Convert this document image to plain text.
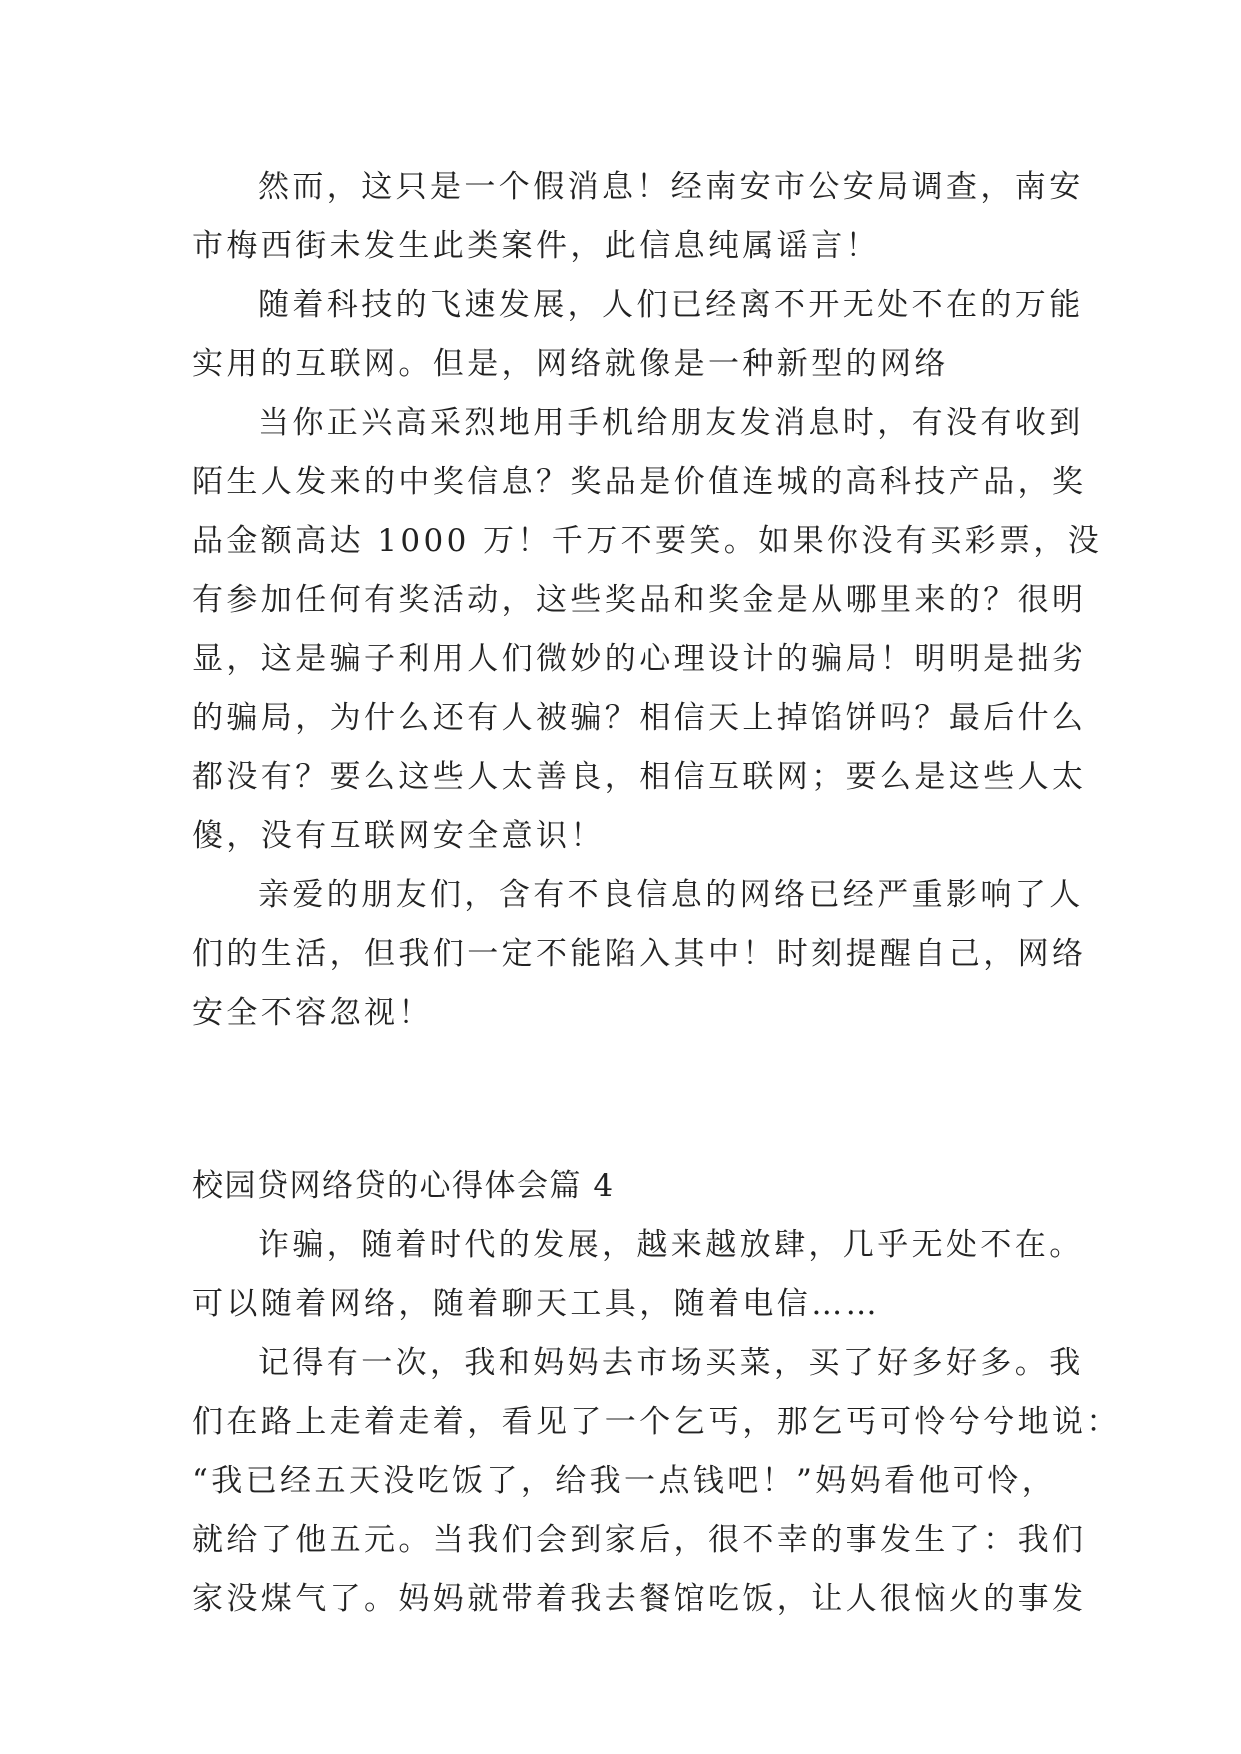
然而，这只是一个假消息！经南安市公安局调查，南安
市梅西街未发生此类案件，此信息纯属谣言！
随着科技的飞速发展，人们已经离不开无处不在的万能
实用的互联网。但是，网络就像是一种新型的网络
当你正兴高采烈地用手机给朋友发消息时，有没有收到
陌生人发来的中奖信息？奖品是价值连城的高科技产品，奖
品金额高达 1000 万！千万不要笑。如果你没有买彩票，没
有参加任何有奖活动，这些奖品和奖金是从哪里来的？很明
显，这是骗子利用人们微妙的心理设计的骗局！明明是拙劣
的骗局，为什么还有人被骗？相信天上掉馅饼吗？最后什么
都没有？要么这些人太善良，相信互联网；要么是这些人太
傻，没有互联网安全意识！
亲爱的朋友们，含有不良信息的网络已经严重影响了人
们的生活，但我们一定不能陷入其中！时刻提醒自己，网络
安全不容忽视！
校园贷网络贷的心得体会篇 4
诈骗，随着时代的发展，越来越放肆，几乎无处不在。
可以随着网络，随着聊天工具，随着电信……
记得有一次，我和妈妈去市场买菜，买了好多好多。我
们在路上走着走着，看见了一个乞丐，那乞丐可怜兮兮地说：
“我已经五天没吃饭了，给我一点钱吧！”妈妈看他可怜，
就给了他五元。当我们会到家后，很不幸的事发生了：我们
家没煤气了。妈妈就带着我去餐馆吃饭，让人很恼火的事发
